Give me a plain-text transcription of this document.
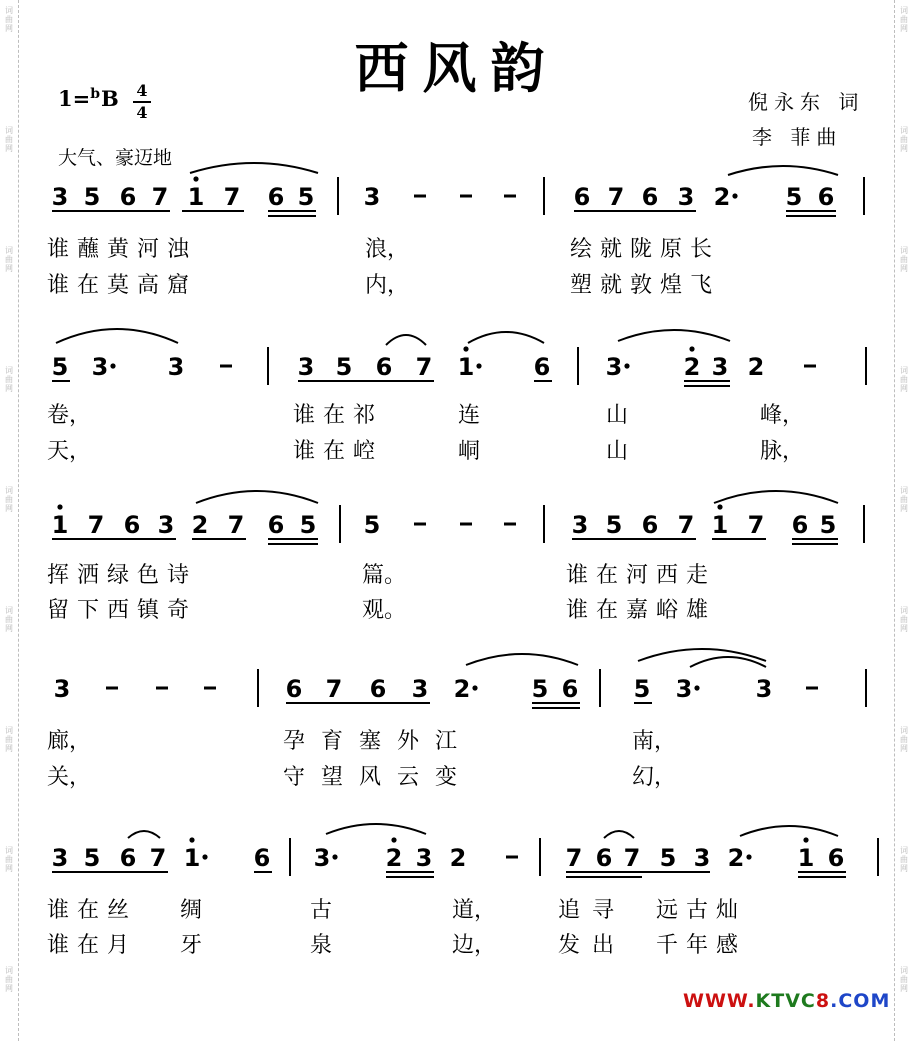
词曲网
词曲网
词曲网
词曲网
词曲网
词曲网
词曲网
词曲网
词曲网
词曲网
词曲网
词曲网
词曲网
词曲网
词曲网
词曲网
词曲网
词曲网
西风韵
1=$^b$B 4
4
大气、豪迈地
倪永东 词
李 菲曲
3 5 6 7 1 7 6 5 3	6 7 6 3 2 5 6
5 3 3	3 5 6 7 1 6 3	2 3 2
1 7 6 3 2 7 6 5 5	3 5 6 7 1 7 6 5
3	6 7 6 3 2	5 6 5 3	3
3 5 6 7 1 6 3 2 3 2	7 6 7 5 3 2 1 6
谁蘸黄河浊	浪，	绘就陇原长
谁在莫高窟	内，	塑就敦煌飞
卷，	谁在祁	连	山	峰，
天，	谁在崆	峒	山	脉，
挥洒绿色诗	篇。	谁在河西走
留下西镇奇	观。	谁在嘉峪雄
廊，	孕育塞外江	南，
关，	守望风云变	幻，
谁在丝 绸	古	道，	追寻 远古灿
谁在月 牙	泉	边，	发出 千年感
WWW.KTVC8.COM
